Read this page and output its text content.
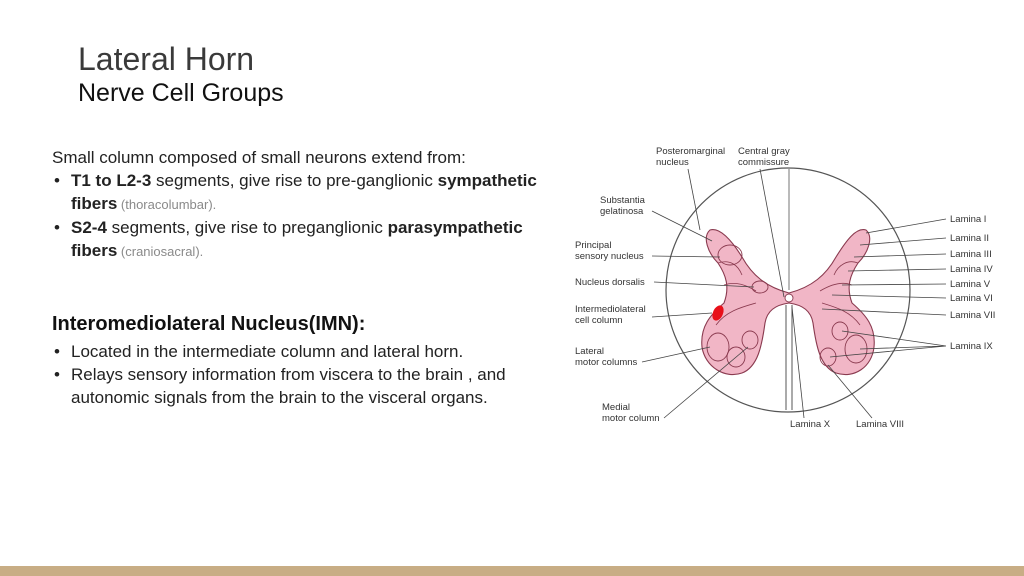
Lateral Horn
Nerve Cell Groups

Small column composed of small neurons extend from:

• T1 to L2-3 segments, give rise to pre-ganglionic sympathetic fibers (thoracolumbar).

• S2-4 segments, give rise to preganglionic parasympathetic fibers (craniosacral).

Interomediolateral Nucleus(IMN):

• Located in the intermediate column and lateral horn.

• Relays sensory information from viscera to the brain , and autonomic signals from the brain to the visceral organs.

Posteromarginal nucleus
Central gray commissure
Substantia gelatinosa
Principal sensory nucleus
Nucleus dorsalis
Intermediolateral cell column
Lateral motor columns
Medial motor column
Lamina I
Lamina II
Lamina III
Lamina IV
Lamina V
Lamina VI
Lamina VII
Lamina IX
Lamina X	Lamina VIII
